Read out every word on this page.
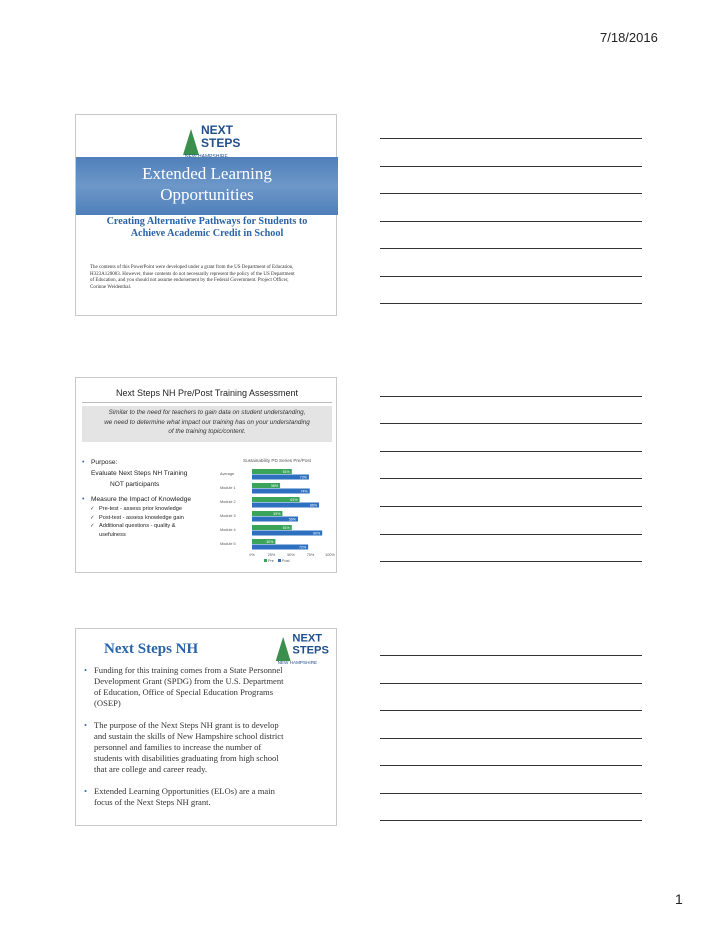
7/18/2016
NEXT
STEPS
Extended Learning
Opportunities
Creating Alternative Pathways for Students to
Achieve Academic Credit in School
The contents of this PowerPoint were developed under a grant from the US Department of Education,
H323A120003. However, those contents do not necessarily represent the policy of the US Department
of Education, and you should not assume endorsement by the Federal Government. Project Officer,
Corinne Weidenthal.
Next Steps NH Pre/Post Training Assessment
Similar to the need for teachers to gain data on student understanding,
we need to determine what impact our training has on your understanding
of the training topic/content.
• Purpose:
Evaluate Next Steps NH Training
NOT participants
• Measure the Impact of Knowledge
✓ Pre-test - assess prior knowledge
✓ Post-test - assess knowledge gain
✓ Additional questions - quality &
usefulness
Sustainability PD Series Pre/Post
Average	51%
73%
Module 1	36%
74%
Module 2	61%
86%
Module 3	39%
59%
Module 4	51%
90%
Module 5	30%
72%
0%	25%	50%	75%	100%
Pre Post
Next Steps NH
NEXT
STEPS
NEW HAMPSHIRE
• Funding for this training comes from a State Personnel
Development Grant (SPDG) from the U.S. Department
of Education, Office of Special Education Programs
(OSEP)
• The purpose of the Next Steps NH grant is to develop
and sustain the skills of New Hampshire school district
personnel and families to increase the number of
students with disabilities graduating from high school
that are college and career ready.
• Extended Learning Opportunities (ELOs) are a main
focus of the Next Steps NH grant.
1
